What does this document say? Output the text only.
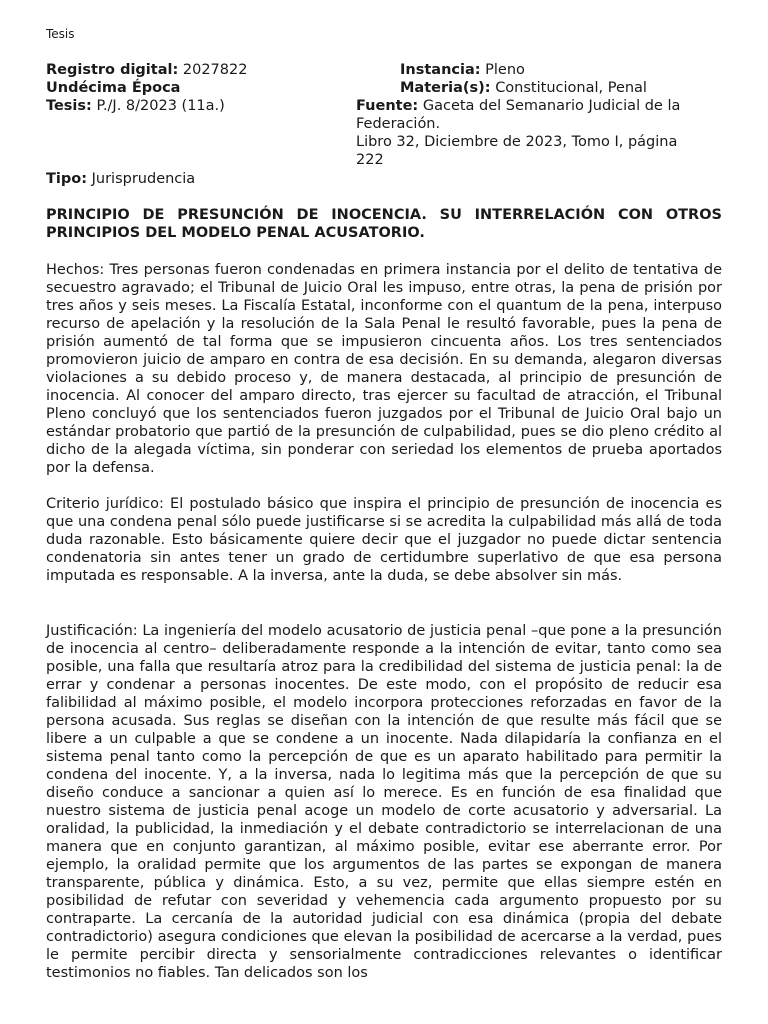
Tesis
Registro digital: 2027822
Undécima Época
Tesis: P./J. 8/2023 (11a.)
Instancia: Pleno
Materia(s): Constitucional, Penal
Fuente: Gaceta del Semanario Judicial de la Federación.
Libro 32, Diciembre de 2023, Tomo I, página 222
Tipo: Jurisprudencia
PRINCIPIO DE PRESUNCIÓN DE INOCENCIA. SU INTERRELACIÓN CON OTROS PRINCIPIOS DEL MODELO PENAL ACUSATORIO.

Hechos: Tres personas fueron condenadas en primera instancia por el delito de tentativa de secuestro agravado; el Tribunal de Juicio Oral les impuso, entre otras, la pena de prisión por tres años y seis meses. La Fiscalía Estatal, inconforme con el quantum de la pena, interpuso recurso de apelación y la resolución de la Sala Penal le resultó favorable, pues la pena de prisión aumentó de tal forma que se impusieron cincuenta años. Los tres sentenciados promovieron juicio de amparo en contra de esa decisión. En su demanda, alegaron diversas violaciones a su debido proceso y, de manera destacada, al principio de presunción de inocencia. Al conocer del amparo directo, tras ejercer su facultad de atracción, el Tribunal Pleno concluyó que los sentenciados fueron juzgados por el Tribunal de Juicio Oral bajo un estándar probatorio que partió de la presunción de culpabilidad, pues se dio pleno crédito al dicho de la alegada víctima, sin ponderar con seriedad los elementos de prueba aportados por la defensa.

Criterio jurídico: El postulado básico que inspira el principio de presunción de inocencia es que una condena penal sólo puede justificarse si se acredita la culpabilidad más allá de toda duda razonable. Esto básicamente quiere decir que el juzgador no puede dictar sentencia condenatoria sin antes tener un grado de certidumbre superlativo de que esa persona imputada es responsable. A la inversa, ante la duda, se debe absolver sin más.

Justificación: La ingeniería del modelo acusatorio de justicia penal –que pone a la presunción de inocencia al centro– deliberadamente responde a la intención de evitar, tanto como sea posible, una falla que resultaría atroz para la credibilidad del sistema de justicia penal: la de errar y condenar a personas inocentes. De este modo, con el propósito de reducir esa falibilidad al máximo posible, el modelo incorpora protecciones reforzadas en favor de la persona acusada. Sus reglas se diseñan con la intención de que resulte más fácil que se libere a un culpable a que se condene a un inocente. Nada dilapidaría la confianza en el sistema penal tanto como la percepción de que es un aparato habilitado para permitir la condena del inocente. Y, a la inversa, nada lo legitima más que la percepción de que su diseño conduce a sancionar a quien así lo merece. Es en función de esa finalidad que nuestro sistema de justicia penal acoge un modelo de corte acusatorio y adversarial. La oralidad, la publicidad, la inmediación y el debate contradictorio se interrelacionan de una manera que en conjunto garantizan, al máximo posible, evitar ese aberrante error. Por ejemplo, la oralidad permite que los argumentos de las partes se expongan de manera transparente, pública y dinámica. Esto, a su vez, permite que ellas siempre estén en posibilidad de refutar con severidad y vehemencia cada argumento propuesto por su contraparte. La cercanía de la autoridad judicial con esa dinámica (propia del debate contradictorio) asegura condiciones que elevan la posibilidad de acercarse a la verdad, pues le permite percibir directa y sensorialmente contradicciones relevantes o identificar testimonios no fiables. Tan delicados son los
